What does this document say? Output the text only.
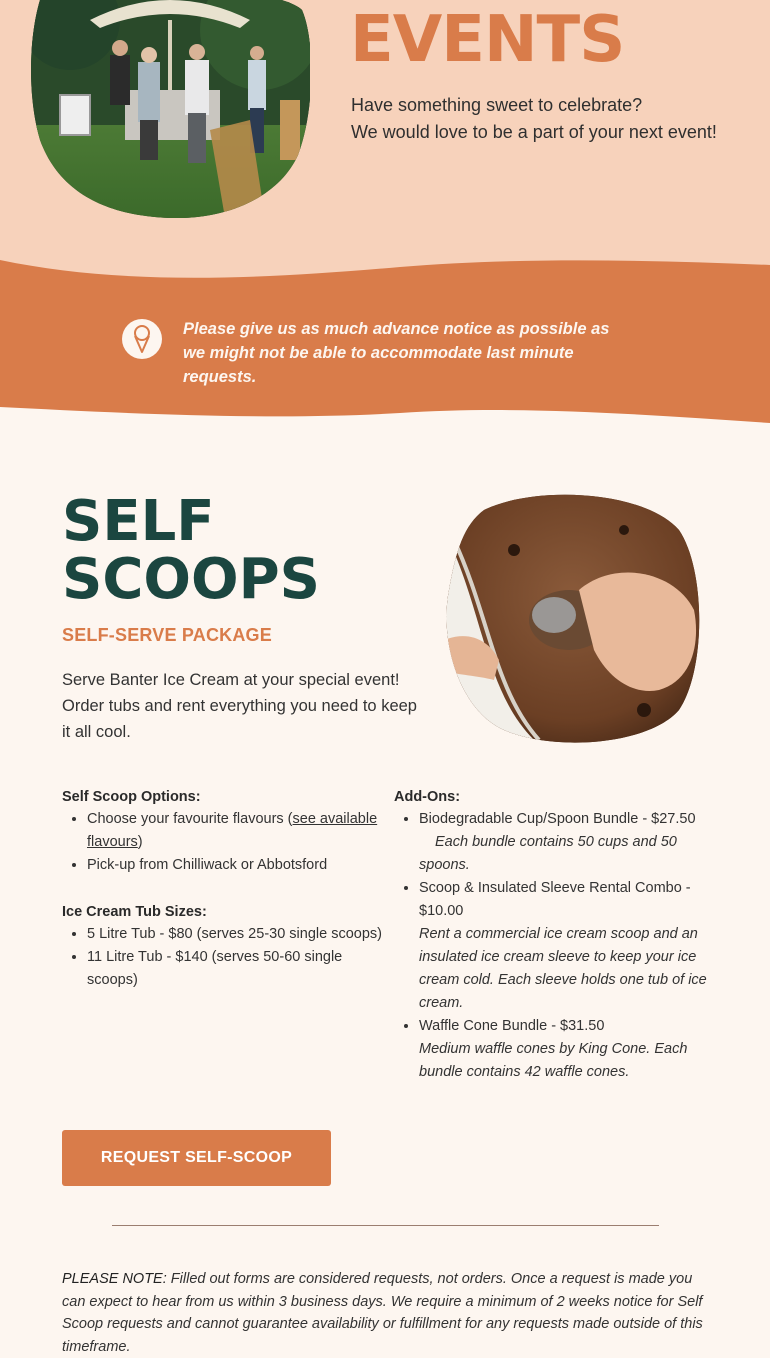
EVENTS

Have something sweet to celebrate?

We would love to be a part of your next event!

Please give us as much advance notice as possible as we might not be able to accommodate last minute requests.

SELF
SCOOPS
SELF-SERVE PACKAGE

Serve Banter Ice Cream at your special event! Order tubs and rent everything you need to keep it all cool.

Self Scoop Options:

• Choose your favourite flavours (see available flavours)
• Pick-up from Chilliwack or Abbotsford

Ice Cream Tub Sizes:

• 5 Litre Tub - $80 (serves 25-30 single scoops)
• 11 Litre Tub - $140 (serves 50-60 single scoops)

Add-Ons:

• Biodegradable Cup/Spoon Bundle - $27.50
Each bundle contains 50 cups and 50 spoons.
• Scoop & Insulated Sleeve Rental Combo - $10.00
Rent a commercial ice cream scoop and an insulated ice cream sleeve to keep your ice cream cold. Each sleeve holds one tub of ice cream.
• Waffle Cone Bundle - $31.50
Medium waffle cones by King Cone. Each bundle contains 42 waffle cones.
REQUEST SELF-SCOOP

PLEASE NOTE: Filled out forms are considered requests, not orders. Once a request is made you can expect to hear from us within 3 business days. We require a minimum of 2 weeks notice for Self Scoop requests and cannot guarantee availability or fulfillment for any requests made outside of this timeframe.
